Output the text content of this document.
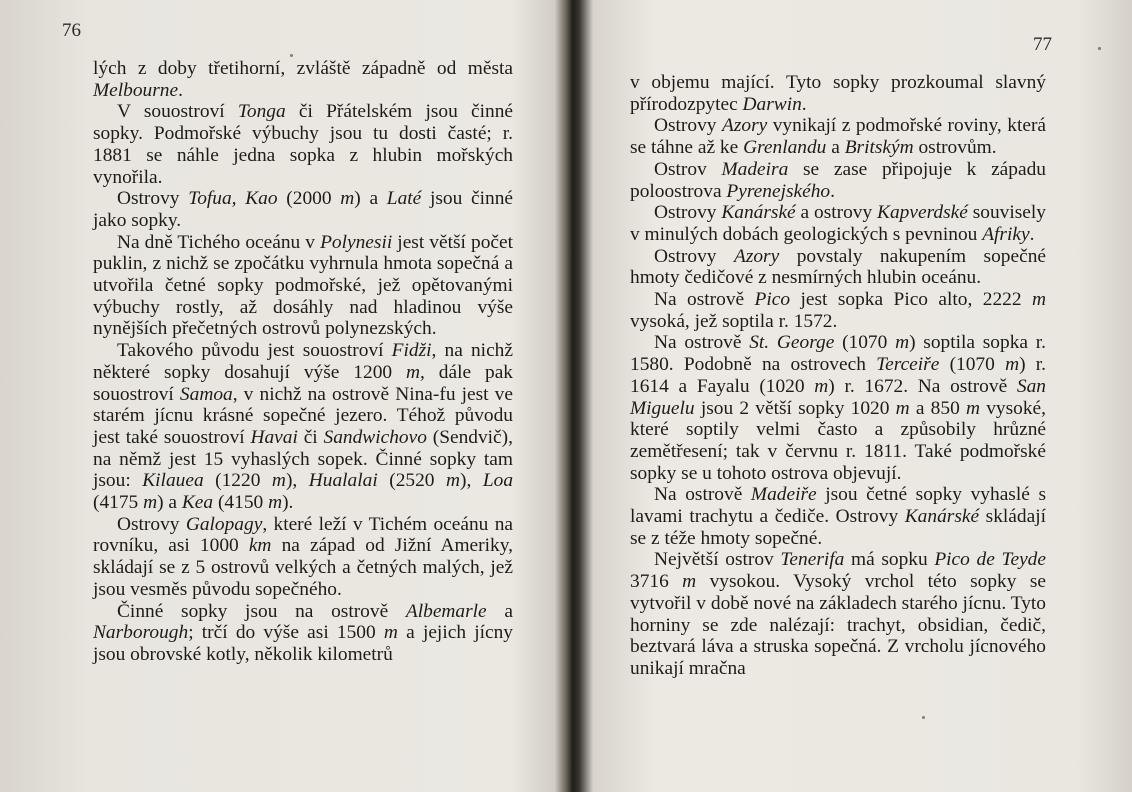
76

lých z doby třetihorní, zvláště západně od města Melbourne.

V souostroví Tonga či Přátelském jsou činné sopky. Podmořské výbuchy jsou tu dosti časté; r. 1881 se náhle jedna sopka z hlubin mořských vynořila.

Ostrovy Tofua, Kao (2000 m) a Laté jsou činné jako sopky.

Na dně Tichého oceánu v Polynesii jest větší počet puklin, z nichž se zpočátku vyhrnula hmota sopečná a utvořila četné sopky podmořské, jež opětovanými výbuchy rostly, až dosáhly nad hladinou výše nynějších přečetných ostrovů polynezských.

Takového původu jest souostroví Fidži, na nichž některé sopky dosahují výše 1200 m, dále pak souostroví Samoa, v nichž na ostrově Nina-fu jest ve starém jícnu krásné sopečné jezero. Téhož původu jest také souostroví Havai či Sandwichovo (Sendvič), na němž jest 15 vyhaslých sopek. Činné sopky tam jsou: Kilauea (1220 m), Hualalai (2520 m), Loa (4175 m) a Kea (4150 m).

Ostrovy Galopagy, které leží v Tichém oceánu na rovníku, asi 1000 km na západ od Jižní Ameriky, skládají se z 5 ostrovů velkých a četných malých, jež jsou vesměs původu sopečného.

Činné sopky jsou na ostrově Albemarle a Narborough; trčí do výše asi 1500 m a jejich jícny jsou obrovské kotly, několik kilometrů

77

v objemu mající. Tyto sopky prozkoumal slavný přírodozpytec Darwin.

Ostrovy Azory vynikají z podmořské roviny, která se táhne až ke Grenlandu a Britským ostrovům.

Ostrov Madeira se zase připojuje k západu poloostrova Pyrenejského.

Ostrovy Kanárské a ostrovy Kapverdské souvisely v minulých dobách geologických s pevninou Afriky.

Ostrovy Azory povstaly nakupením sopečné hmoty čedičové z nesmírných hlubin oceánu.

Na ostrově Pico jest sopka Pico alto, 2222 m vysoká, jež soptila r. 1572.

Na ostrově St. George (1070 m) soptila sopka r. 1580. Podobně na ostrovech Terceiře (1070 m) r. 1614 a Fayalu (1020 m) r. 1672. Na ostrově San Miguelu jsou 2 větší sopky 1020 m a 850 m vysoké, které soptily velmi často a způsobily hrůzné zemětřesení; tak v červnu r. 1811. Také podmořské sopky se u tohoto ostrova objevují.

Na ostrově Madeiře jsou četné sopky vyhaslé s lavami trachytu a čediče. Ostrovy Kanárské skládají se z téže hmoty sopečné.

Největší ostrov Tenerifa má sopku Pico de Teyde 3716 m vysokou. Vysoký vrchol této sopky se vytvořil v době nové na základech starého jícnu. Tyto horniny se zde nalézají: trachyt, obsidian, čedič, beztvará láva a struska sopečná. Z vrcholu jícnového unikají mračna
